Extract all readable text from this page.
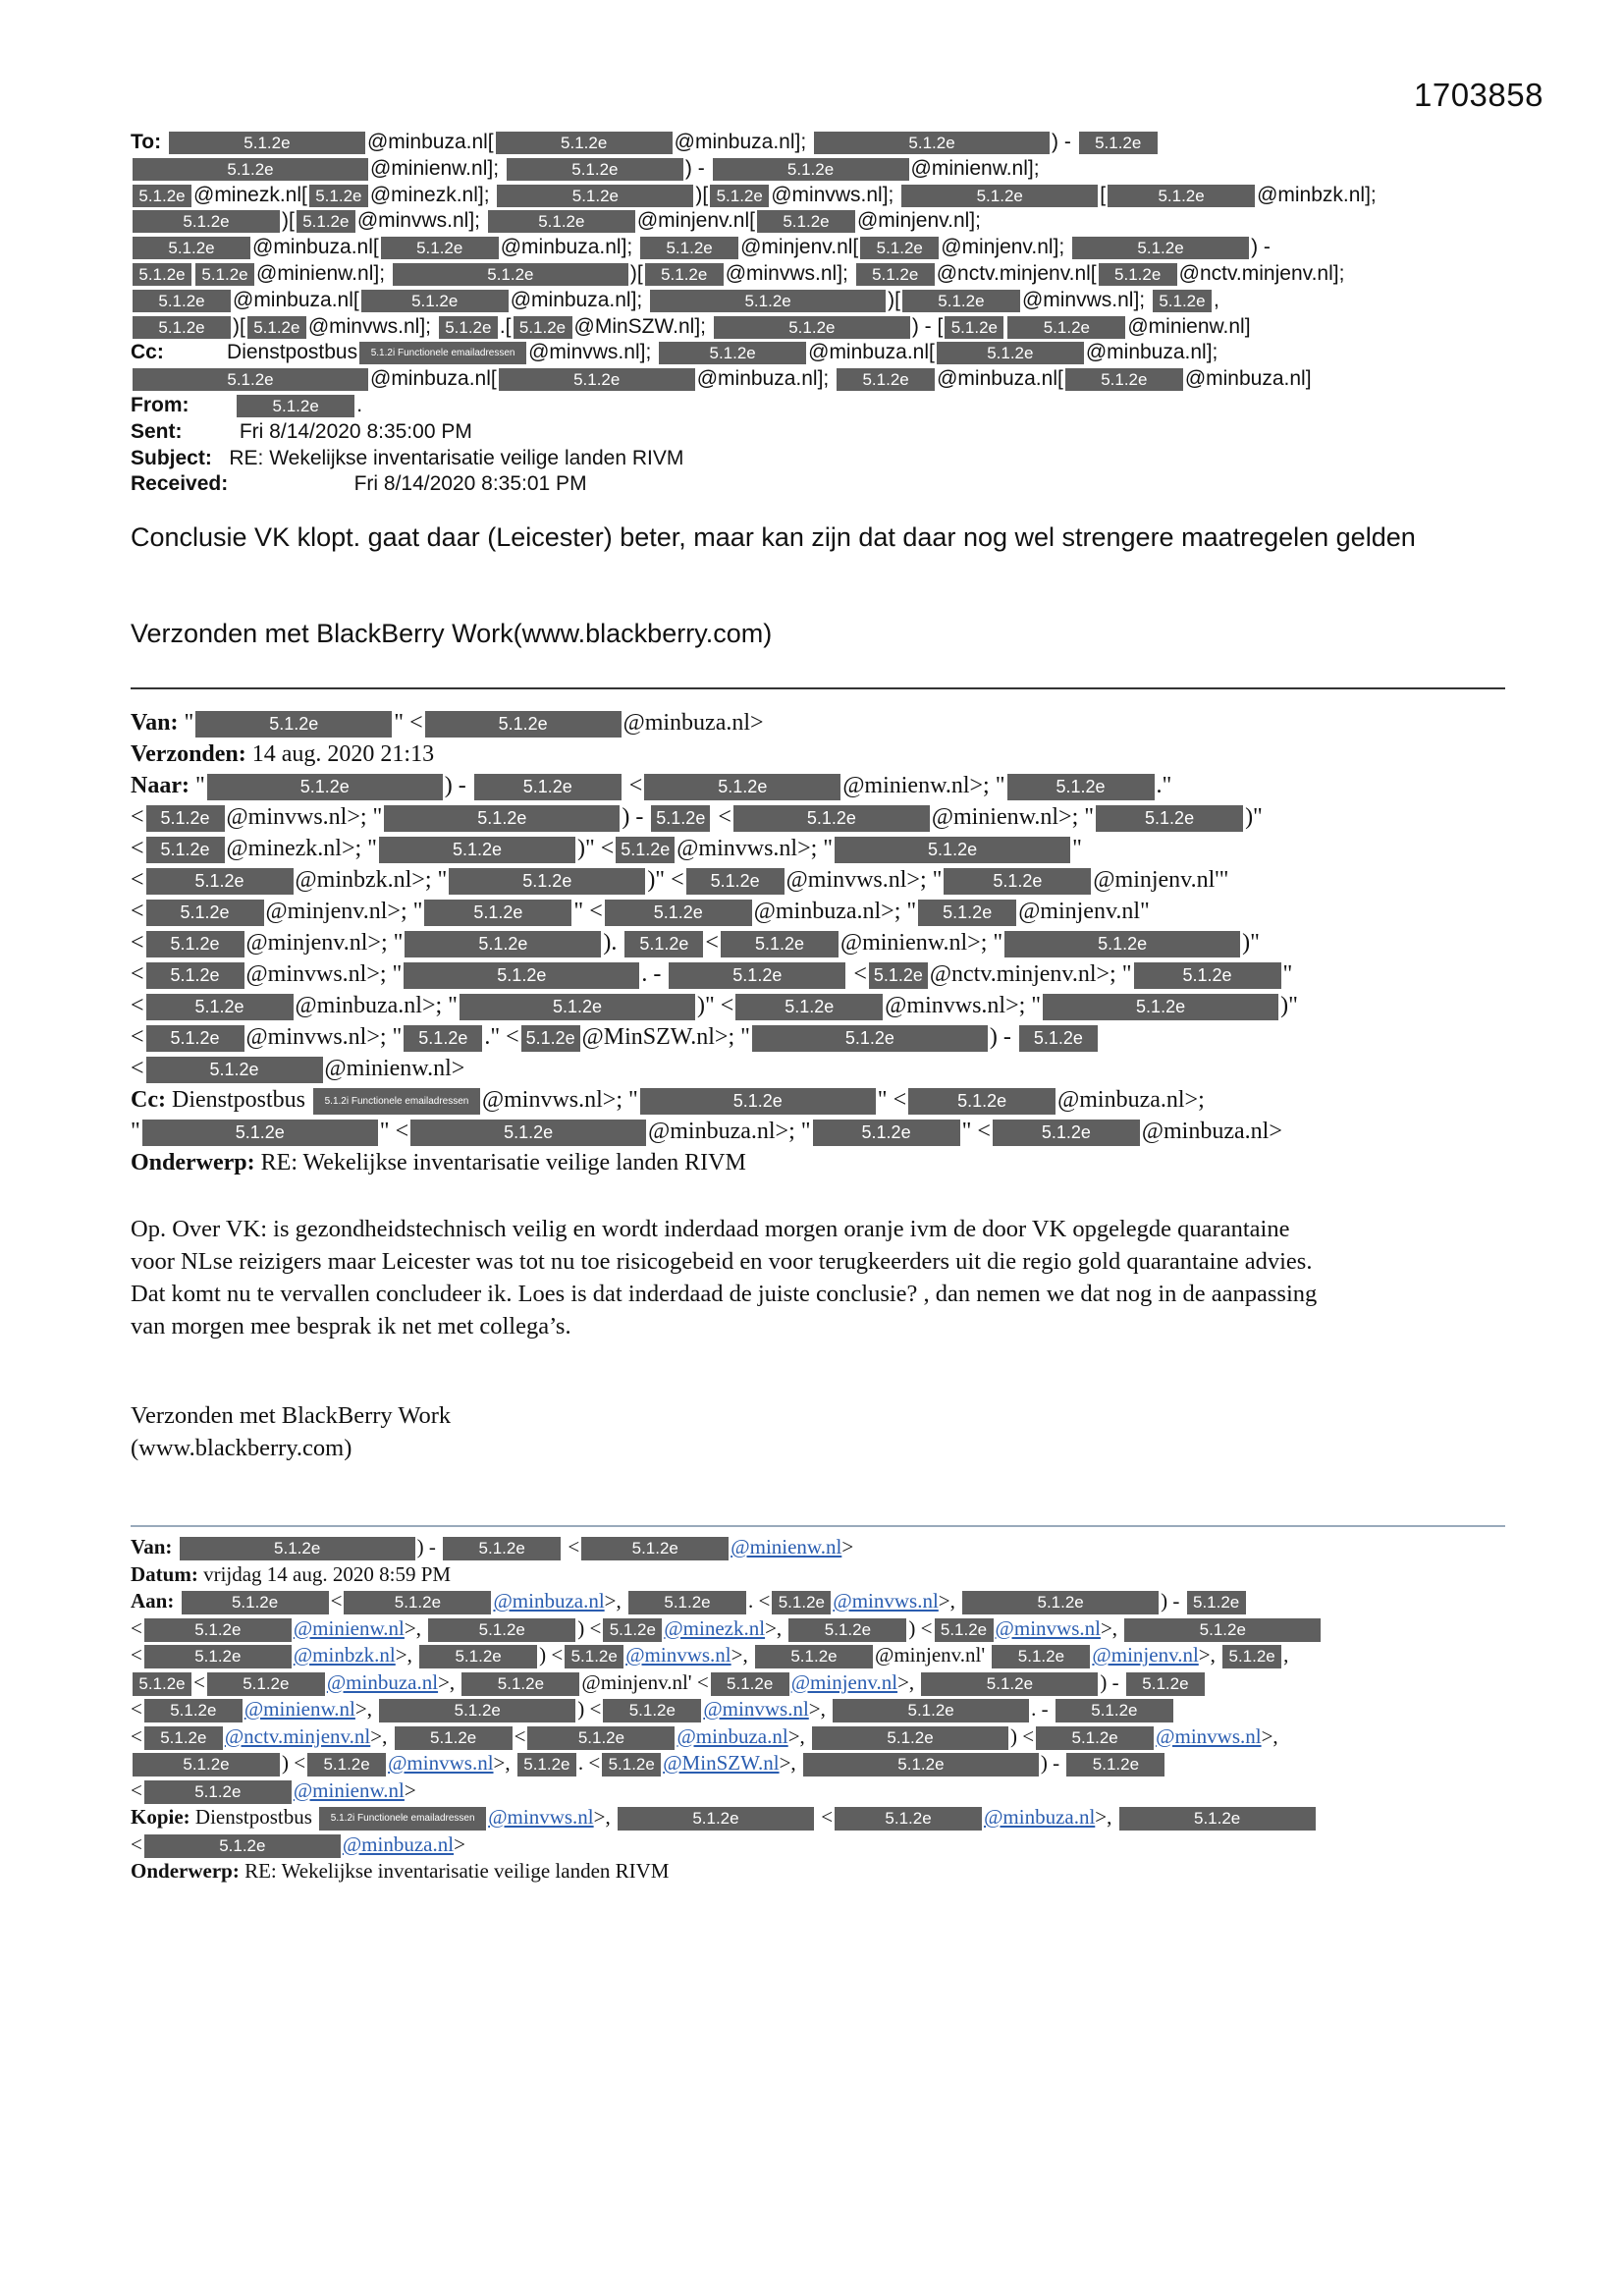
1703858
To:	5.1.2e	@minbuza.nl[	5.1.2e	@minbuza.nl];	5.1.2e	) - 5.1.2e
5.1.2e	@minienw.nl];	5.1.2e	) -	5.1.2e	@minienw.nl];
5.1.2e @minezk.nl[ 5.1.2e @minezk.nl];	5.1.2e	)[ 5.1.2e @minvws.nl];	5.1.2e	[	5.1.2e	@minbzk.nl];
5.1.2e	)[ 5.1.2e @minvws.nl];	5.1.2e	@minjenv.nl[ 5.1.2e @minjenv.nl];
5.1.2e @minbuza.nl[ 5.1.2e @minbuza.nl]; 5.1.2e @minjenv.nl[ 5.1.2e @minjenv.nl];	5.1.2e	) -
5.1.2e 5.1.2e @minienw.nl];	5.1.2e	)[ 5.1.2e @minvws.nl]; 5.1.2e @nctv.minjenv.nl[ 5.1.2e @nctv.minjenv.nl];
5.1.2e @minbuza.nl[	5.1.2e	@minbuza.nl];	5.1.2e	)[ 5.1.2e @minvws.nl]; 5.1.2e ,
5.1.2e )[ 5.1.2e @minvws.nl]; 5.1.2e .[ 5.1.2e @MinSZW.nl];	5.1.2e	) - [ 5.1.2e	5.1.2e @minienw.nl]
Cc:	Dienstpostbus 5.1.2i Functionele emailadressen @minvws.nl];	5.1.2e	@minbuza.nl[	5.1.2e	@minbuza.nl];
5.1.2e	@minbuza.nl[	5.1.2e	@minbuza.nl]; 5.1.2e @minbuza.nl[ 5.1.2e @minbuza.nl]
From:	5.1.2e .
Sent:	Fri 8/14/2020 8:35:00 PM
Subject: RE: Wekelijkse inventarisatie veilige landen RIVM
Received:	Fri 8/14/2020 8:35:01 PM
Conclusie VK klopt. gaat daar (Leicester) beter, maar kan zijn dat daar nog wel strengere maatregelen gelden
Verzonden met BlackBerry Work(www.blackberry.com)
Van: "	5.1.2e	" <	5.1.2e	@minbuza.nl>
Verzonden: 14 aug. 2020 21:13
Naar: "	5.1.2e	) -	5.1.2e <	5.1.2e	@minienw.nl>; "	5.1.2e ."
< 5.1.2e @minvws.nl>; "	5.1.2e	) - 5.1.2e <	5.1.2e	@minienw.nl>; "	5.1.2e )"
< 5.1.2e @minezk.nl>; "	5.1.2e	)" < 5.1.2e @minvws.nl>; "	5.1.2e	"
<	5.1.2e @minbzk.nl>; "	5.1.2e	)" < 5.1.2e @minvws.nl>; "	5.1.2e @minjenv.nl'"
< 5.1.2e @minjenv.nl>; "	5.1.2e " <	5.1.2e @minbuza.nl>; " 5.1.2e @minjenv.nl"
< 5.1.2e @minjenv.nl>; "	5.1.2e	). 5.1.2e < 5.1.2e @minienw.nl>; "	5.1.2e	)"
< 5.1.2e @minvws.nl>; "	5.1.2e	. -	5.1.2e	< 5.1.2e @nctv.minjenv.nl>; "	5.1.2e "
<	5.1.2e @minbuza.nl>; "	5.1.2e	)" <	5.1.2e @minvws.nl>; "	5.1.2e	)"
< 5.1.2e @minvws.nl>; " 5.1.2e ." < 5.1.2e @MinSZW.nl>; "	5.1.2e	) - 5.1.2e
<	5.1.2e	@minienw.nl>
Cc: Dienstpostbus 5.1.2i Functionele emailadressen @minvws.nl>; "	5.1.2e	" <	5.1.2e @minbuza.nl>;
"	5.1.2e	" <	5.1.2e	@minbuza.nl>; "	5.1.2e " <	5.1.2e @minbuza.nl>
Onderwerp: RE: Wekelijkse inventarisatie veilige landen RIVM
Op. Over VK: is gezondheidstechnisch veilig en wordt inderdaad morgen oranje ivm de door VK opgelegde quarantaine
voor NLse reizigers maar Leicester was tot nu toe risicogebeid en voor terugkeerders uit die regio gold quarantaine advies.
Dat komt nu te vervallen concludeer ik. Loes is dat inderdaad de juiste conclusie? , dan nemen we dat nog in de aanpassing
van morgen mee besprak ik net met collega’s.
Verzonden met BlackBerry Work
(www.blackberry.com)
Van:	5.1.2e	) - 5.1.2e <	5.1.2e	@minienw.nl>
Datum: vrijdag 14 aug. 2020 8:59 PM
Aan:	5.1.2e	<	5.1.2e	@minbuza.nl>, 5.1.2e . < 5.1.2e @minvws.nl>,	5.1.2e	) - 5.1.2e
<	5.1.2e	@minienw.nl>,	5.1.2e	) < 5.1.2e @minezk.nl>, 5.1.2e ) < 5.1.2e @minvws.nl>,	5.1.2e
<	5.1.2e	@minbzk.nl>, 5.1.2e ) < 5.1.2e @minvws.nl>, 5.1.2e @minjenv.nl' 5.1.2e @minjenv.nl>, 5.1.2e ,
5.1.2e < 5.1.2e @minbuza.nl>, 5.1.2e @minjenv.nl' < 5.1.2e @minjenv.nl>,	5.1.2e	) - 5.1.2e
< 5.1.2e @minienw.nl>,	5.1.2e	) < 5.1.2e @minvws.nl>,	5.1.2e	. - 5.1.2e
< 5.1.2e @nctv.minjenv.nl>, 5.1.2e <	5.1.2e	@minbuza.nl>,	5.1.2e	) < 5.1.2e @minvws.nl>,
5.1.2e	) < 5.1.2e @minvws.nl>, 5.1.2e . < 5.1.2e @MinSZW.nl>,	5.1.2e	) - 5.1.2e
<	5.1.2e	@minienw.nl>
Kopie: Dienstpostbus 5.1.2i Functionele emailadressen @minvws.nl>,	5.1.2e	<	5.1.2e	@minbuza.nl>,	5.1.2e
<	5.1.2e	@minbuza.nl>
Onderwerp: RE: Wekelijkse inventarisatie veilige landen RIVM
